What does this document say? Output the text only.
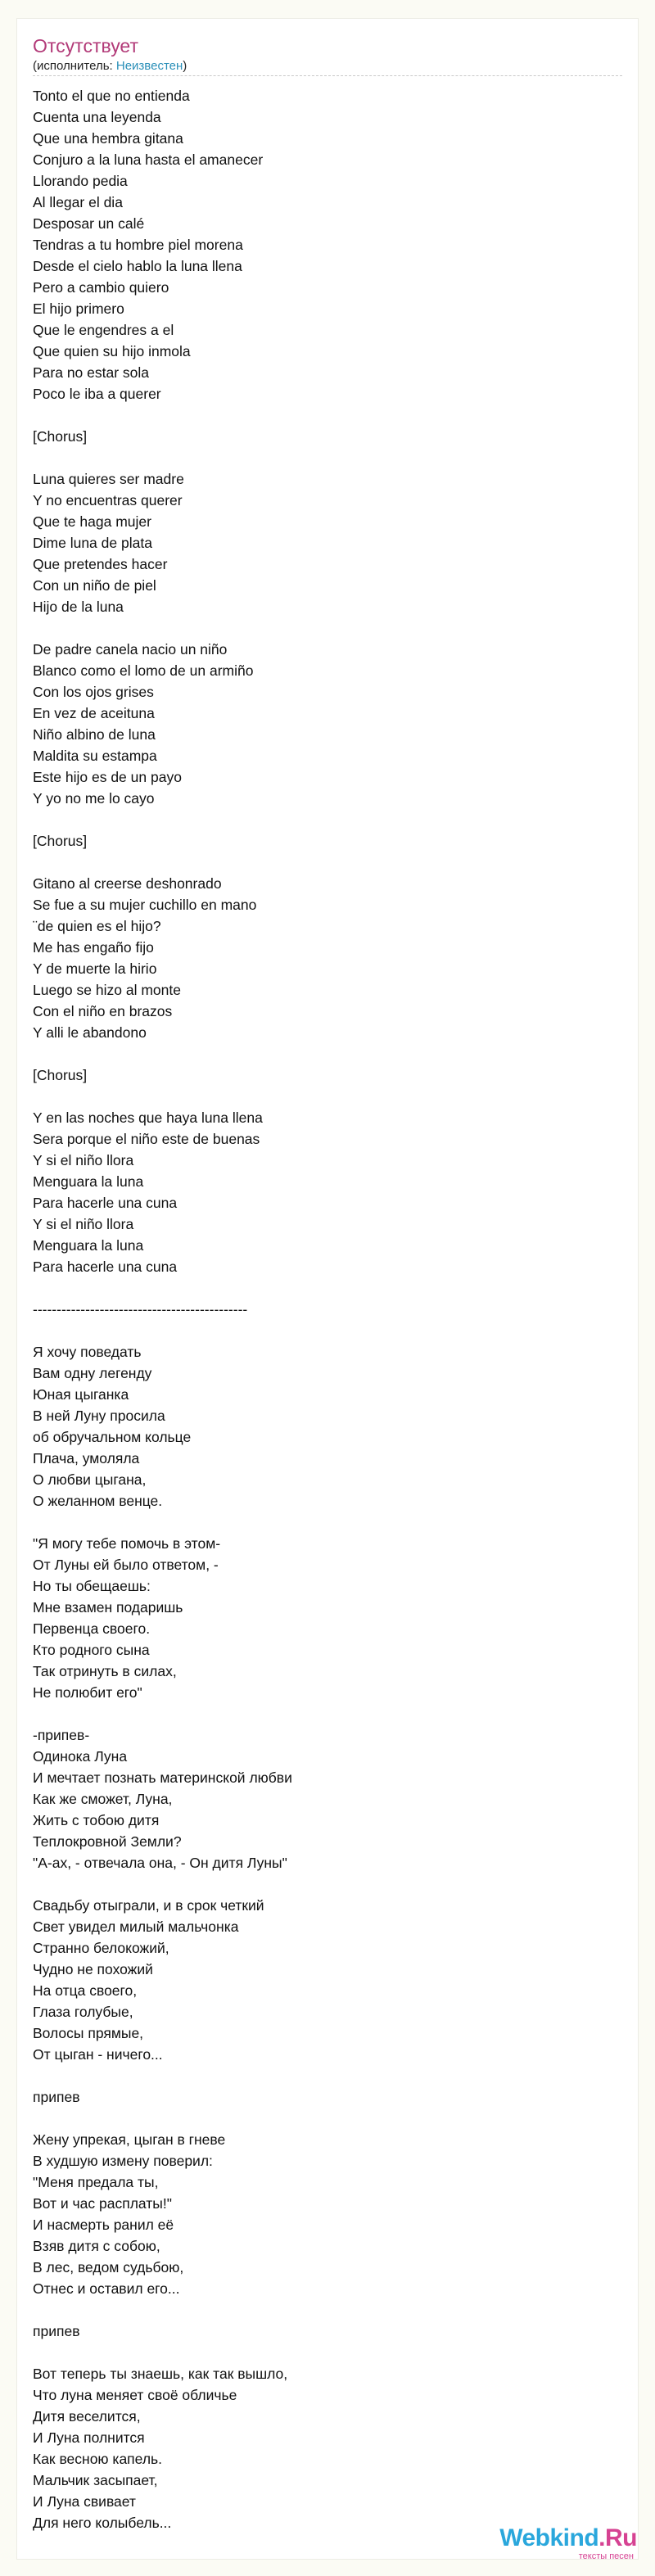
Отсутствует
(исполнитель: Неизвестен)
Tonto el que no entienda
Cuenta una leyenda
Que una hembra gitana
Conjuro a la luna hasta el amanecer
Llorando pedia
Al llegar el dia
Desposar un calé
Tendras a tu hombre piel morena
Desde el cielo hablo la luna llena
Pero a cambio quiero
El hijo primero
Que le engendres a el
Que quien su hijo inmola
Para no estar sola
Poco le iba a querer
[Chorus]
Luna quieres ser madre
Y no encuentras querer
Que te haga mujer
Dime luna de plata
Que pretendes hacer
Con un niño de piel
Hijo de la luna
De padre canela nacio un niño
Blanco como el lomo de un armiño
Con los ojos grises
En vez de aceituna
Niño albino de luna
Maldita su estampa
Este hijo es de un payo
Y yo no me lo cayo
[Chorus]
Gitano al creerse deshonrado
Se fue a su mujer cuchillo en mano
¨de quien es el hijo?
Me has engaño fijo
Y de muerte la hirio
Luego se hizo al monte
Con el niño en brazos
Y alli le abandono
[Chorus]
Y en las noches que haya luna llena
Sera porque el niño este de buenas
Y si el niño llora
Menguara la luna
Para hacerle una cuna
Y si el niño llora
Menguara la luna
Para hacerle una cuna
---------------------------------------------
Я хочу поведать
Вам одну легенду
Юная цыганка
В ней Луну просила
об обручальном кольце
Плача, умоляла
О любви цыгана,
О желанном венце.
"Я могу тебе помочь в этом-
От Луны ей было ответом, -
Но ты обещаешь:
Мне взамен подаришь
Первенца своего.
Кто родного сына
Так отринуть в силах,
Не полюбит его"
-припев-
Одинока Луна
И мечтает познать материнской любви
Как же сможет, Луна,
Жить с тобою дитя
Теплокровной Земли?
"А-ах, - отвечала она, - Он дитя Луны"
Свадьбу отыграли, и в срок четкий
Свет увидел милый мальчонка
Странно белокожий,
Чудно не похожий
На отца своего,
Глаза голубые,
Волосы прямые,
От цыган - ничего...
припев
Жену упрекая, цыган в гневе
В худшую измену поверил:
"Меня предала ты,
Вот и час расплаты!"
И насмерть ранил её
Взяв дитя с собою,
В лес, ведом судьбою,
Отнес и оставил его...
припев
Вот теперь ты знаешь, как так вышло,
Что луна меняет своё обличье
Дитя веселится,
И Луна полнится
Как весною капель.
Мальчик засыпает,
И Луна свивает
Для него колыбель...
Webkind.Ru
тексты песен
